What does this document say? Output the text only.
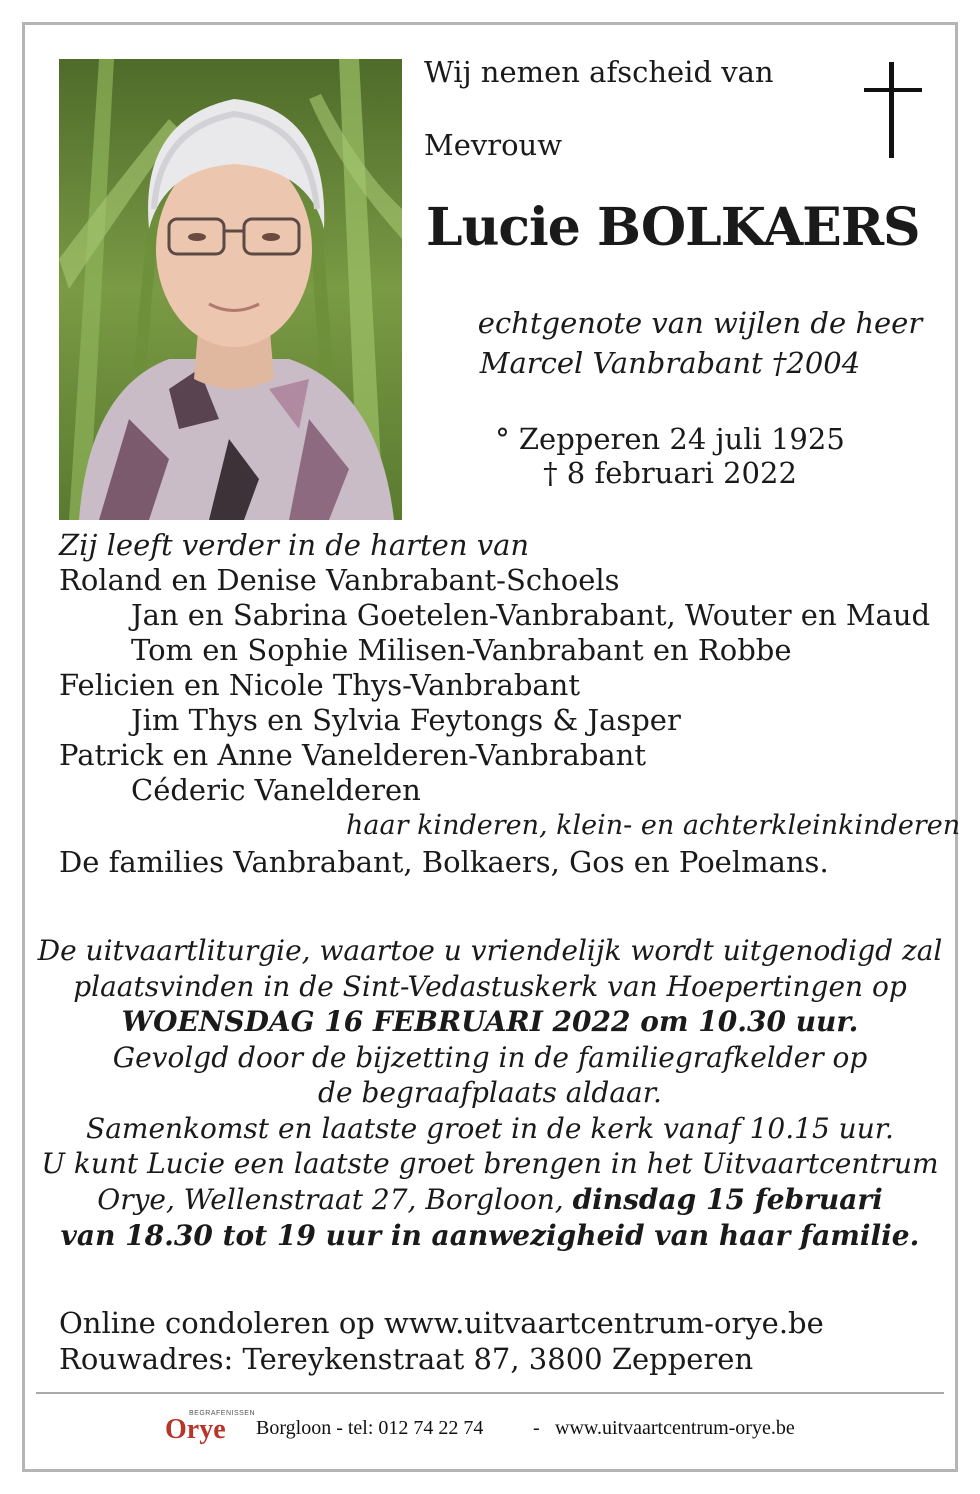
Wij nemen afscheid van
Mevrouw
Lucie BOLKAERS
echtgenote van wijlen de heer
Marcel Vanbrabant †2004
° Zepperen 24 juli 1925
† 8 februari 2022
Zij leeft verder in de harten van
Roland en Denise Vanbrabant-Schoels
Jan en Sabrina Goetelen-Vanbrabant, Wouter en Maud
Tom en Sophie Milisen-Vanbrabant en Robbe
Felicien en Nicole Thys-Vanbrabant
Jim Thys en Sylvia Feytongs & Jasper
Patrick en Anne Vanelderen-Vanbrabant
Céderic Vanelderen
haar kinderen, klein- en achterkleinkinderen
De families Vanbrabant, Bolkaers, Gos en Poelmans.
De uitvaartliturgie, waartoe u vriendelijk wordt uitgenodigd zal
plaatsvinden in de Sint-Vedastuskerk van Hoepertingen op
WOENSDAG 16 FEBRUARI 2022 om 10.30 uur.
Gevolgd door de bijzetting in de familiegrafkelder op
de begraafplaats aldaar.
Samenkomst en laatste groet in de kerk vanaf 10.15 uur.
U kunt Lucie een laatste groet brengen in het Uitvaartcentrum
Orye, Wellenstraat 27, Borgloon, dinsdag 15 februari
van 18.30 tot 19 uur in aanwezigheid van haar familie.
Online condoleren op www.uitvaartcentrum-orye.be
Rouwadres: Tereykenstraat 87, 3800 Zepperen
BEGRAFENISSEN
Orye Borgloon - tel: 012 74 22 74 - www.uitvaartcentrum-orye.be
